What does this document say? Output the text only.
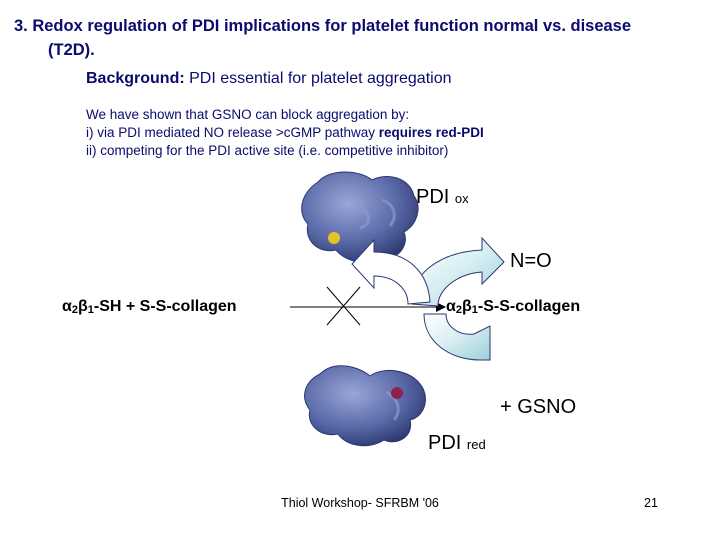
3. Redox regulation of PDI implications for platelet function normal vs. disease
(T2D).
Background: PDI essential for platelet aggregation
We have shown that GSNO can block aggregation by:
i) via PDI mediated NO release >cGMP pathway requires red-PDI
ii) competing for the PDI active site (i.e. competitive inhibitor)
PDI ox
N=O
$\alpha_2\beta_1-SH$ + S-S-collagen	$\alpha_2\beta_1-S-S$-collagen
+ GSNO
PDI red
Thiol Workshop- SFRBM '06	21
